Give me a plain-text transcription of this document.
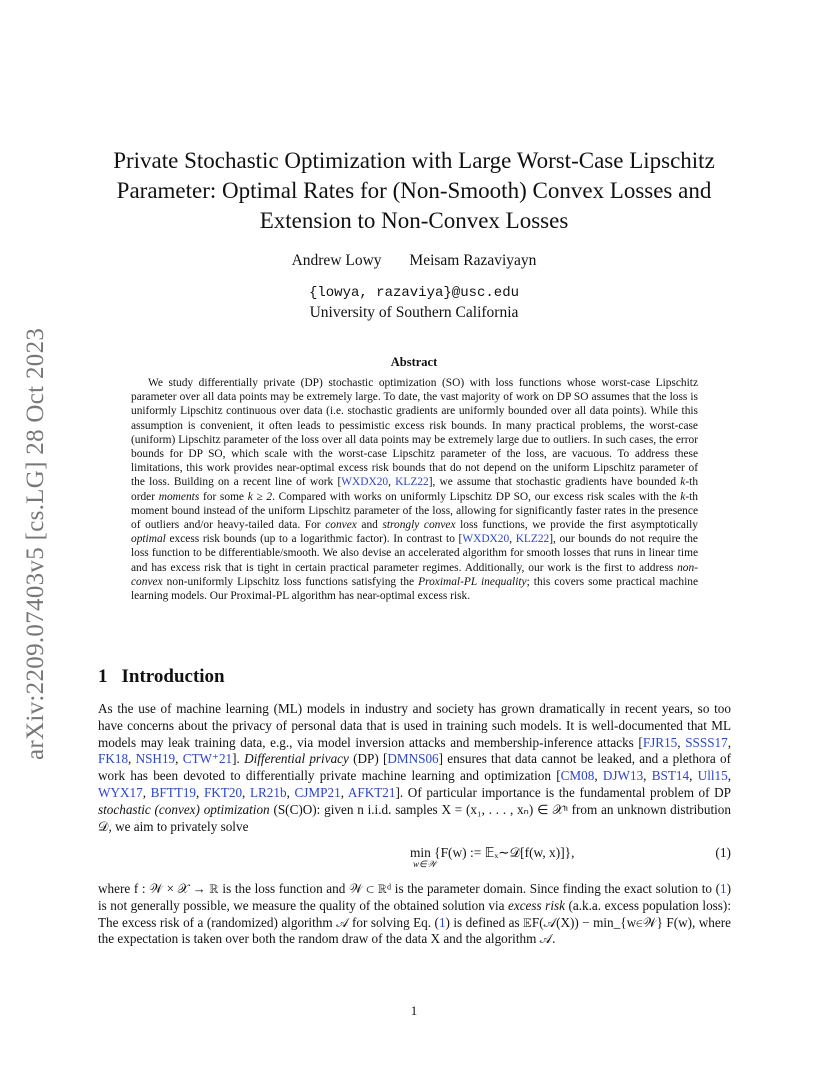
arXiv:2209.07403v5 [cs.LG] 28 Oct 2023
Private Stochastic Optimization with Large Worst-Case Lipschitz Parameter: Optimal Rates for (Non-Smooth) Convex Losses and Extension to Non-Convex Losses
Andrew Lowy Meisam Razaviyayn
{lowya, razaviya}@usc.edu
University of Southern California
Abstract
We study differentially private (DP) stochastic optimization (SO) with loss functions whose worst-case Lipschitz parameter over all data points may be extremely large. To date, the vast majority of work on DP SO assumes that the loss is uniformly Lipschitz continuous over data (i.e. stochastic gradients are uniformly bounded over all data points). While this assumption is convenient, it often leads to pessimistic excess risk bounds. In many practical problems, the worst-case (uniform) Lipschitz parameter of the loss over all data points may be extremely large due to outliers. In such cases, the error bounds for DP SO, which scale with the worst-case Lipschitz parameter of the loss, are vacuous. To address these limitations, this work provides near-optimal excess risk bounds that do not depend on the uniform Lipschitz parameter of the loss. Building on a recent line of work [WXDX20, KLZ22], we assume that stochastic gradients have bounded k-th order moments for some k ≥ 2. Compared with works on uniformly Lipschitz DP SO, our excess risk scales with the k-th moment bound instead of the uniform Lipschitz parameter of the loss, allowing for significantly faster rates in the presence of outliers and/or heavy-tailed data. For convex and strongly convex loss functions, we provide the first asymptotically optimal excess risk bounds (up to a logarithmic factor). In contrast to [WXDX20, KLZ22], our bounds do not require the loss function to be differentiable/smooth. We also devise an accelerated algorithm for smooth losses that runs in linear time and has excess risk that is tight in certain practical parameter regimes. Additionally, our work is the first to address non-convex non-uniformly Lipschitz loss functions satisfying the Proximal-PL inequality; this covers some practical machine learning models. Our Proximal-PL algorithm has near-optimal excess risk.
1 Introduction
As the use of machine learning (ML) models in industry and society has grown dramatically in recent years, so too have concerns about the privacy of personal data that is used in training such models. It is well-documented that ML models may leak training data, e.g., via model inversion attacks and membership-inference attacks [FJR15, SSSS17, FK18, NSH19, CTW⁺21]. Differential privacy (DP) [DMNS06] ensures that data cannot be leaked, and a plethora of work has been devoted to differentially private machine learning and optimization [CM08, DJW13, BST14, Ull15, WYX17, BFTT19, FKT20, LR21b, CJMP21, AFKT21]. Of particular importance is the fundamental problem of DP stochastic (convex) optimization (S(C)O): given n i.i.d. samples X = (x₁, . . . , xₙ) ∈ 𝒳ⁿ from an unknown distribution 𝒟, we aim to privately solve
min {F(w) := 𝔼ₓ∼𝒟[f(w, x)]},
w∈𝒲
(1)
where f : 𝒲 × 𝒳 → ℝ is the loss function and 𝒲 ⊂ ℝᵈ is the parameter domain. Since finding the exact solution to (1) is not generally possible, we measure the quality of the obtained solution via excess risk (a.k.a. excess population loss): The excess risk of a (randomized) algorithm 𝒜 for solving Eq. (1) is defined as 𝔼F(𝒜(X)) − min_{w∈𝒲} F(w), where the expectation is taken over both the random draw of the data X and the algorithm 𝒜.
1
